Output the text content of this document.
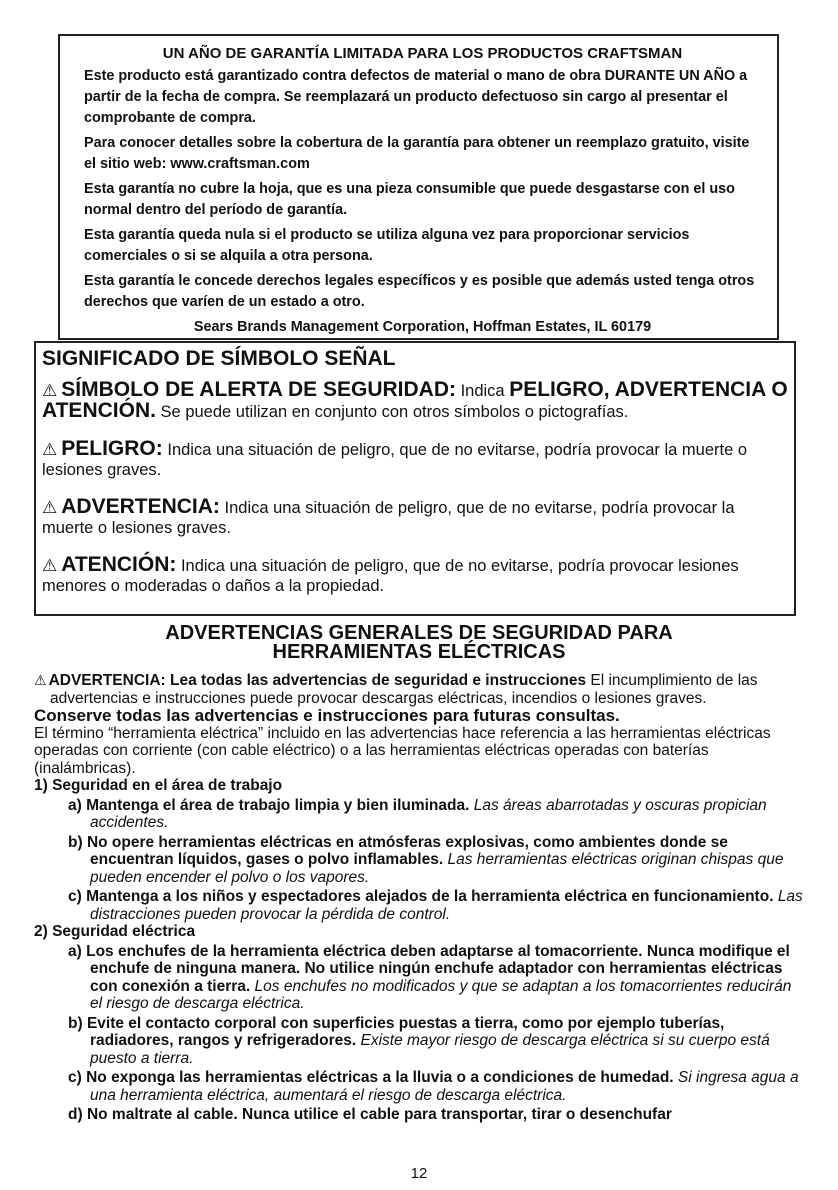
UN AÑO DE GARANTÍA LIMITADA PARA LOS PRODUCTOS CRAFTSMAN

Este producto está garantizado contra defectos de material o mano de obra DURANTE UN AÑO a partir de la fecha de compra. Se reemplazará un producto defectuoso sin cargo al presentar el comprobante de compra.

Para conocer detalles sobre la cobertura de la garantía para obtener un reemplazo gratuito, visite el sitio web: www.craftsman.com

Esta garantía no cubre la hoja, que es una pieza consumible que puede desgastarse con el uso normal dentro del período de garantía.

Esta garantía queda nula si el producto se utiliza alguna vez para proporcionar servicios comerciales o si se alquila a otra persona.

Esta garantía le concede derechos legales específicos y es posible que además usted tenga otros derechos que varíen de un estado a otro.

Sears Brands Management Corporation, Hoffman Estates, IL 60179
SIGNIFICADO DE SÍMBOLO SEÑAL
⚠ SÍMBOLO DE ALERTA DE SEGURIDAD: Indica PELIGRO, ADVERTENCIA O ATENCIÓN. Se puede utilizan en conjunto con otros símbolos o pictografías.
⚠ PELIGRO: Indica una situación de peligro, que de no evitarse, podría provocar la muerte o lesiones graves.
⚠ ADVERTENCIA: Indica una situación de peligro, que de no evitarse, podría provocar la muerte o lesiones graves.
⚠ ATENCIÓN: Indica una situación de peligro, que de no evitarse, podría provocar lesiones menores o moderadas o daños a la propiedad.
ADVERTENCIAS GENERALES DE SEGURIDAD PARA
HERRAMIENTAS ELÉCTRICAS

⚠ ADVERTENCIA: Lea todas las advertencias de seguridad e instrucciones El incumplimiento de las advertencias e instrucciones puede provocar descargas eléctricas, incendios o lesiones graves.

Conserve todas las advertencias e instrucciones para futuras consultas.

El término “herramienta eléctrica” incluido en las advertencias hace referencia a las herramientas eléctricas operadas con corriente (con cable eléctrico) o a las herramientas eléctricas operadas con baterías (inalámbricas).

1) Seguridad en el área de trabajo

a) Mantenga el área de trabajo limpia y bien iluminada. Las áreas abarrotadas y oscuras propician accidentes.

b) No opere herramientas eléctricas en atmósferas explosivas, como ambientes donde se encuentran líquidos, gases o polvo inflamables. Las herramientas eléctricas originan chispas que pueden encender el polvo o los vapores.

c) Mantenga a los niños y espectadores alejados de la herramienta eléctrica en funcionamiento. Las distracciones pueden provocar la pérdida de control.

2) Seguridad eléctrica

a) Los enchufes de la herramienta eléctrica deben adaptarse al tomacorriente. Nunca modifique el enchufe de ninguna manera. No utilice ningún enchufe adaptador con herramientas eléctricas con conexión a tierra. Los enchufes no modificados y que se adaptan a los tomacorrientes reducirán el riesgo de descarga eléctrica.

b) Evite el contacto corporal con superficies puestas a tierra, como por ejemplo tuberías, radiadores, rangos y refrigeradores. Existe mayor riesgo de descarga eléctrica si su cuerpo está puesto a tierra.

c) No exponga las herramientas eléctricas a la lluvia o a condiciones de humedad. Si ingresa agua a una herramienta eléctrica, aumentará el riesgo de descarga eléctrica.

d) No maltrate al cable. Nunca utilice el cable para transportar, tirar o desenchufar

12
